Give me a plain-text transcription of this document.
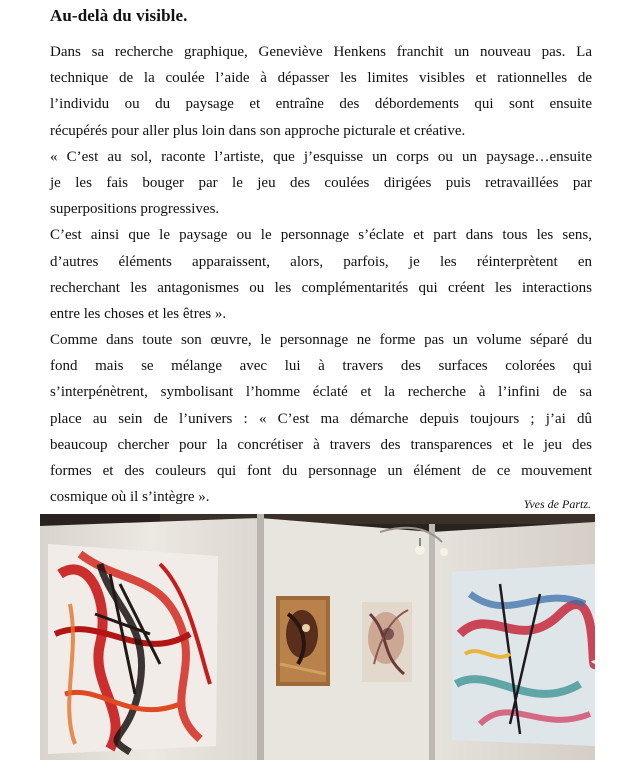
Au-delà du visible.
Dans sa recherche graphique, Geneviève Henkens franchit un nouveau pas. La
technique de la coulée l’aide à dépasser les limites visibles et rationnelles de
l’individu ou du paysage et entraîne des débordements qui sont ensuite
récupérés pour aller plus loin dans son approche picturale et créative.
« C’est au sol, raconte l’artiste, que j’esquisse un corps ou un paysage…ensuite
je les fais bouger par le jeu des coulées dirigées puis retravaillées par
superpositions progressives.
C’est ainsi que le paysage ou le personnage s’éclate et part dans tous les sens,
d’autres éléments apparaissent, alors, parfois, je les réinterprètent en
recherchant les antagonismes ou les complémentarités qui créent les interactions
entre les choses et les êtres ».
Comme dans toute son œuvre, le personnage ne forme pas un volume séparé du
fond mais se mélange avec lui à travers des surfaces colorées qui
s’interpénètrent, symbolisant l’homme éclaté et la recherche à l’infini de sa
place au sein de l’univers : « C’est ma démarche depuis toujours ; j’ai dû
beaucoup chercher pour la concrétiser à travers des transparences et le jeu des
formes et des couleurs qui font du personnage un élément de ce mouvement
cosmique où il s’intègre ».	Yves de Partz.
